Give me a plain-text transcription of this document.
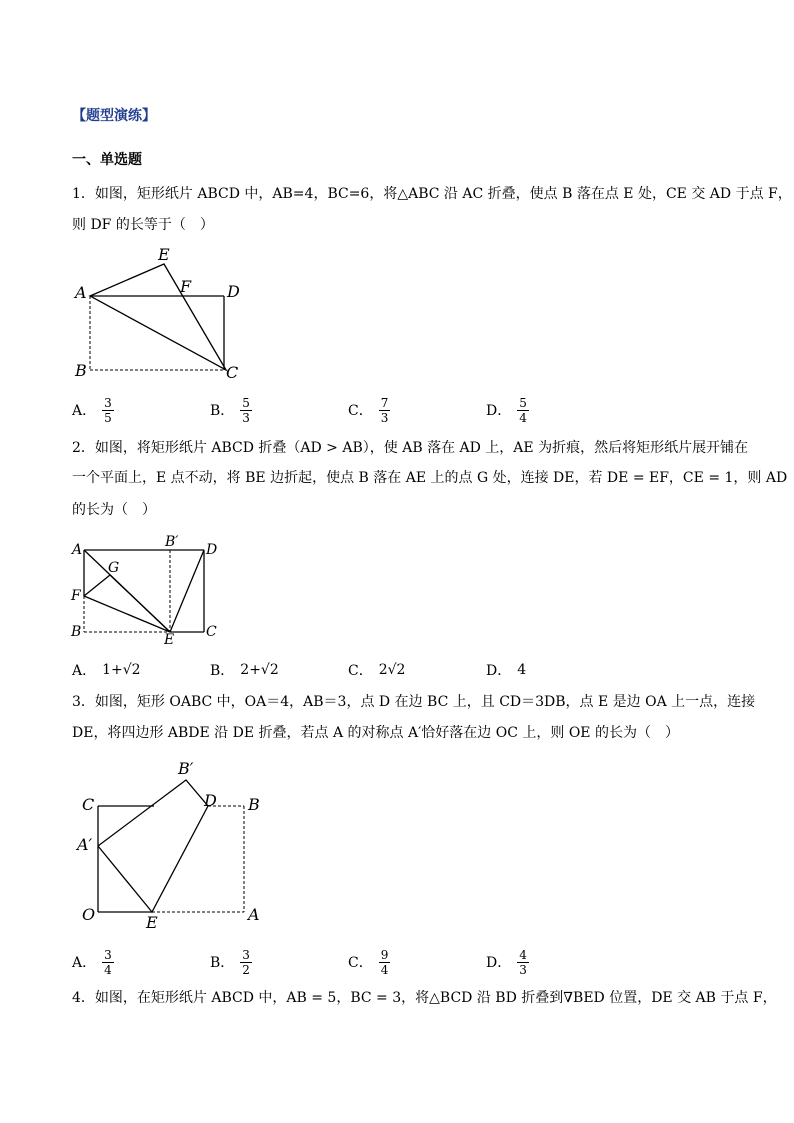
【题型演练】
一、单选题
1．如图，矩形纸片 ABCD 中，AB=4，BC=6，将△ABC 沿 AC 折叠，使点 B 落在点 E 处，CE 交 AD 于点 F，
则 DF 的长等于（　）
A
E
F D
B	C
A． $\frac{3}{5}$	B． $\frac{5}{3}$	C． $\frac{7}{3}$	D． $\frac{5}{4}$
2．如图，将矩形纸片 ABCD 折叠（AD > AB），使 AB 落在 AD 上，AE 为折痕，然后将矩形纸片展开铺在
一个平面上，E 点不动，将 BE 边折起，使点 B 落在 AE 上的点 G 处，连接 DE，若 DE = EF，CE = 1，则 AD
的长为（　）
A	B′ D
G
F
B	E C
A． 1+√2	B． 2+√2	C． 2√2	D． 4
3．如图，矩形 OABC 中，OA＝4，AB＝3，点 D 在边 BC 上，且 CD＝3DB，点 E 是边 OA 上一点，连接
DE，将四边形 ABDE 沿 DE 折叠，若点 A 的对称点 A′恰好落在边 OC 上，则 OE 的长为（　）
B′
C	D B
A′
O	E	A
A． $\frac{3}{4}$	B． $\frac{3}{2}$	C． $\frac{9}{4}$	D． $\frac{4}{3}$
4．如图，在矩形纸片 ABCD 中，AB = 5，BC = 3，将△BCD 沿 BD 折叠到∇BED 位置，DE 交 AB 于点 F，
